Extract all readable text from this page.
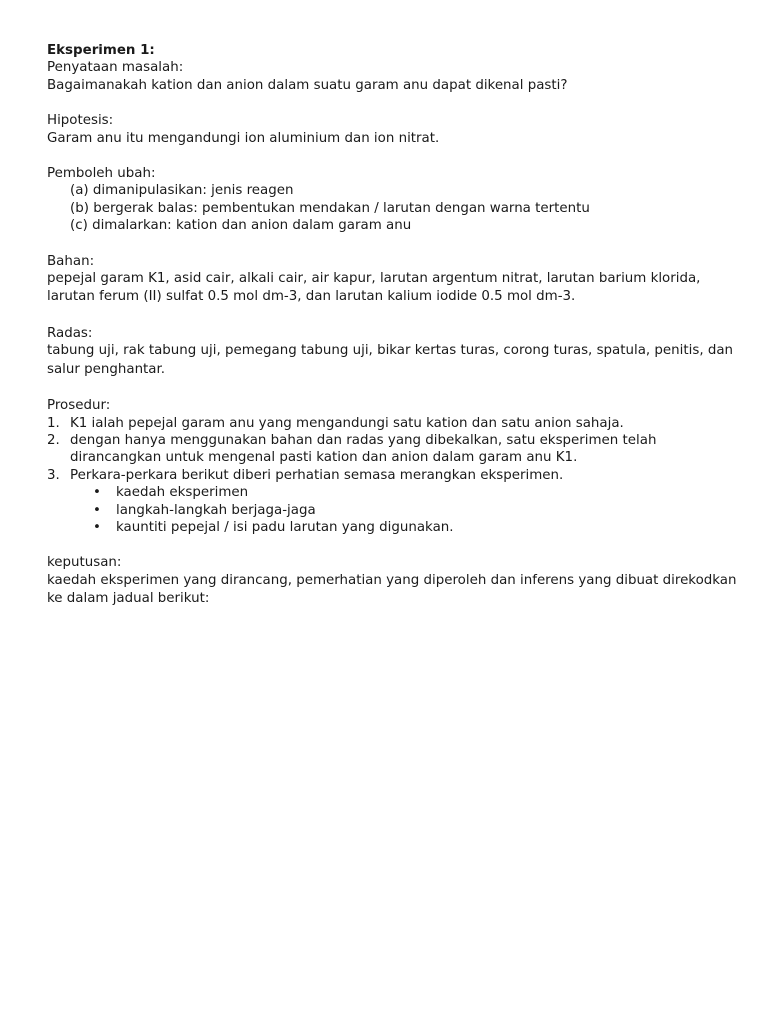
Eksperimen 1:

Penyataan masalah:

Bagaimanakah kation dan anion dalam suatu garam anu dapat dikenal pasti?

Hipotesis:

Garam anu itu mengandungi ion aluminium dan ion nitrat.

Pemboleh ubah:

(a) dimanipulasikan: jenis reagen
(b) bergerak balas: pembentukan mendakan / larutan dengan warna tertentu
(c) dimalarkan: kation dan anion dalam garam anu

Bahan:

pepejal garam K1, asid cair, alkali cair, air kapur, larutan argentum nitrat, larutan barium klorida, larutan ferum (II) sulfat 0.5 mol dm-3, dan larutan kalium iodide 0.5 mol dm-3.

Radas:

tabung uji, rak tabung uji, pemegang tabung uji, bikar kertas turas, corong turas, spatula, penitis, dan salur penghantar.

Prosedur:

1. K1 ialah pepejal garam anu yang mengandungi satu kation dan satu anion sahaja.
2. dengan hanya menggunakan bahan dan radas yang dibekalkan, satu eksperimen telah dirancangkan untuk mengenal pasti kation dan anion dalam garam anu K1.
3. Perkara-perkara berikut diberi perhatian semasa merangkan eksperimen.
• kaedah eksperimen
• langkah-langkah berjaga-jaga
• kauntiti pepejal / isi padu larutan yang digunakan.

keputusan:

kaedah eksperimen yang dirancang, pemerhatian yang diperoleh dan inferens yang dibuat direkodkan ke dalam jadual berikut:
